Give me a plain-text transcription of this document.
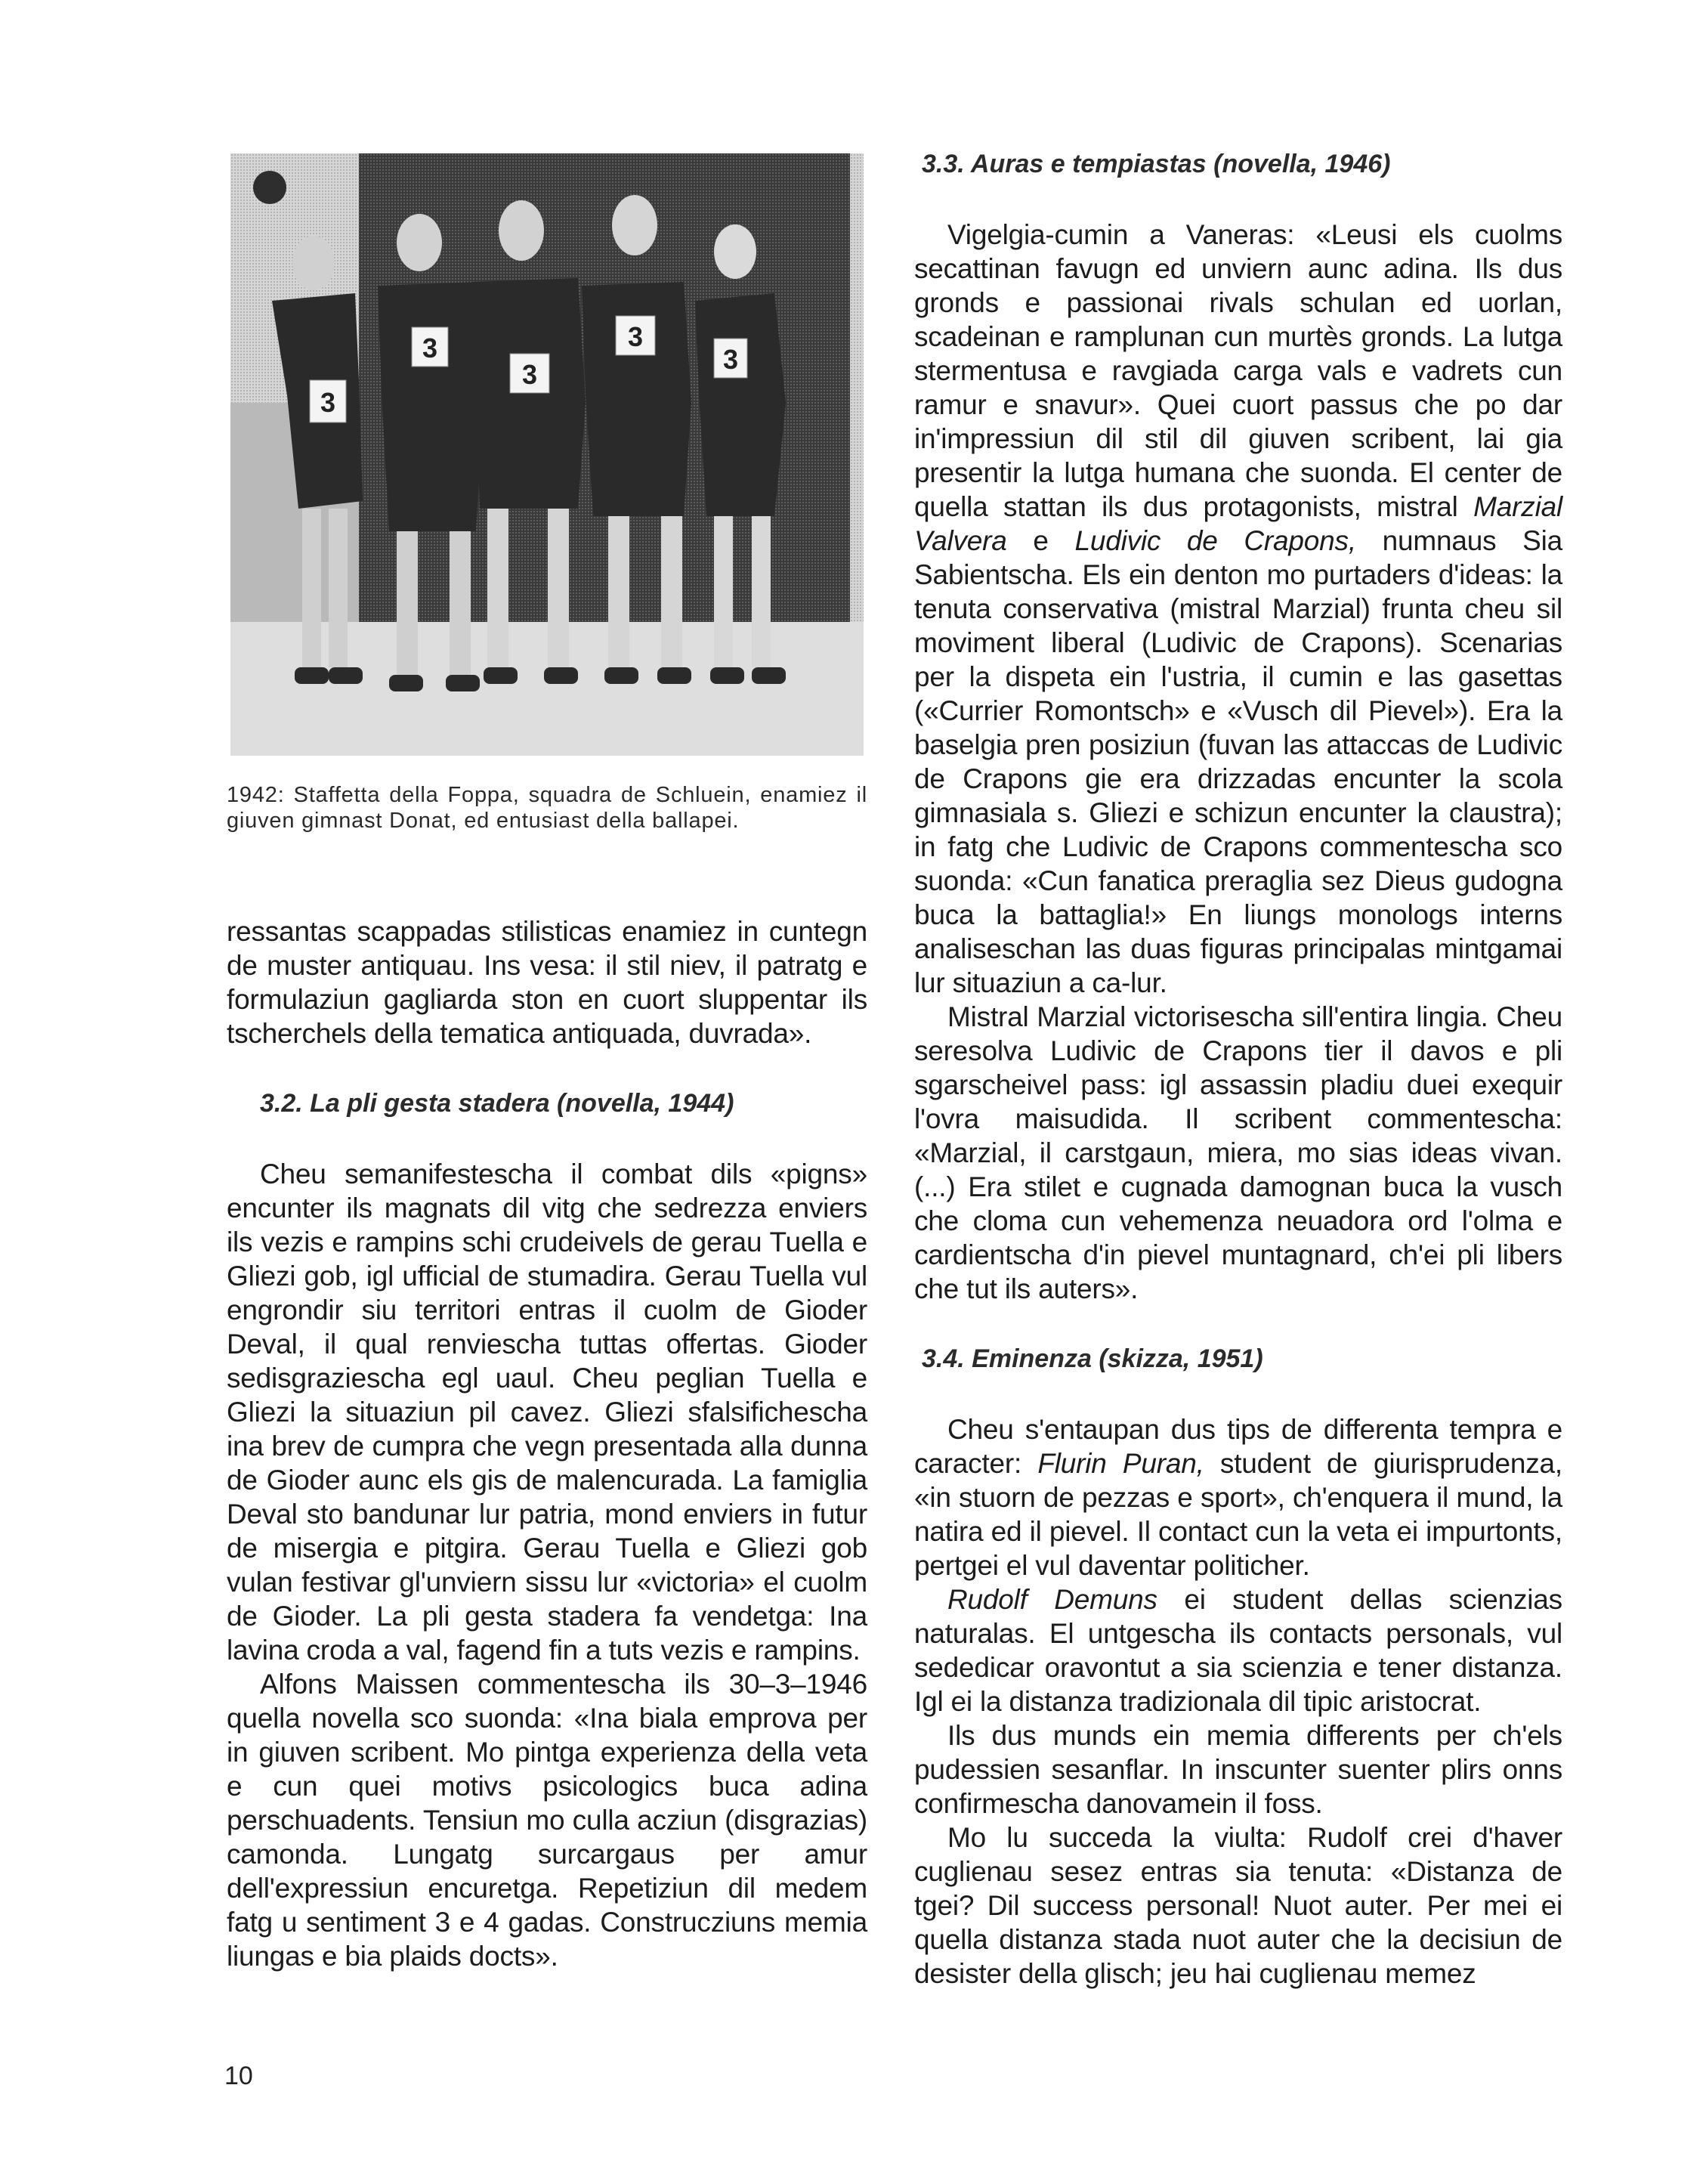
3
3
3
3
3
1942: Staffetta della Foppa, squadra de Schluein, enamiez il giuven gimnast Donat, ed entusiast della ballapei.

ressantas scappadas stilisticas enamiez in cuntegn de muster antiquau. Ins vesa: il stil niev, il patratg e formulaziun gagliarda ston en cuort sluppentar ils tscherchels della tematica antiquada, duvrada».

3.2. La pli gesta stadera (novella, 1944)

Cheu semanifestescha il combat dils «pigns» encunter ils magnats dil vitg che sedrezza enviers ils vezis e rampins schi crudeivels de gerau Tuella e Gliezi gob, igl ufficial de stumadira. Gerau Tuella vul engrondir siu territori entras il cuolm de Gioder Deval, il qual renviescha tuttas offertas. Gioder sedisgraziescha egl uaul. Cheu peglian Tuella e Gliezi la situaziun pil cavez. Gliezi sfalsifichescha ina brev de cumpra che vegn presentada alla dunna de Gioder aunc els gis de malencurada. La famiglia Deval sto bandunar lur patria, mond enviers in futur de misergia e pitgira. Gerau Tuella e Gliezi gob vulan festivar gl'unviern sissu lur «victoria» el cuolm de Gioder. La pli gesta stadera fa vendetga: Ina lavina croda a val, fagend fin a tuts vezis e rampins.

Alfons Maissen commentescha ils 30–3–1946 quella novella sco suonda: «Ina biala emprova per in giuven scribent. Mo pintga experienza della veta e cun quei motivs psicologics buca adina perschuadents. Tensiun mo culla acziun (disgrazias) camonda. Lungatg surcargaus per amur dell'expressiun encuretga. Repetiziun dil medem fatg u sentiment 3 e 4 gadas. Construcziuns memia liungas e bia plaids docts».

3.3. Auras e tempiastas (novella, 1946)

Vigelgia-cumin a Vaneras: «Leusi els cuolms secattinan favugn ed unviern aunc adina. Ils dus gronds e passionai rivals schulan ed uorlan, scadeinan e ramplunan cun murtès gronds. La lutga stermentusa e ravgiada carga vals e vadrets cun ramur e snavur». Quei cuort passus che po dar in'impressiun dil stil dil giuven scribent, lai gia presentir la lutga humana che suonda. El center de quella stattan ils dus protagonists, mistral Marzial Valvera e Ludivic de Crapons, numnaus Sia Sabientscha. Els ein denton mo purtaders d'ideas: la tenuta conservativa (mistral Marzial) frunta cheu sil moviment liberal (Ludivic de Crapons). Scenarias per la dispeta ein l'ustria, il cumin e las gasettas («Currier Romontsch» e «Vusch dil Pievel»). Era la baselgia pren posiziun (fuvan las attaccas de Ludivic de Crapons gie era drizzadas encunter la scola gimnasiala s. Gliezi e schizun encunter la claustra); in fatg che Ludivic de Crapons commentescha sco suonda: «Cun fanatica preraglia sez Dieus gudogna buca la battaglia!» En liungs monologs interns analiseschan las duas figuras principalas mintgamai lur situaziun a ca-lur.

Mistral Marzial victorisescha sill'entira lingia. Cheu seresolva Ludivic de Crapons tier il davos e pli sgarscheivel pass: igl assassin pladiu duei exequir l'ovra maisudida. Il scribent commentescha: «Marzial, il carstgaun, miera, mo sias ideas vivan. (...) Era stilet e cugnada damognan buca la vusch che cloma cun vehemenza neuadora ord l'olma e cardientscha d'in pievel muntagnard, ch'ei pli libers che tut ils auters».

3.4. Eminenza (skizza, 1951)

Cheu s'entaupan dus tips de differenta tempra e caracter: Flurin Puran, student de giurisprudenza, «in stuorn de pezzas e sport», ch'enquera il mund, la natira ed il pievel. Il contact cun la veta ei impurtonts, pertgei el vul daventar politicher.

Rudolf Demuns ei student dellas scienzias naturalas. El untgescha ils contacts personals, vul sededicar oravontut a sia scienzia e tener distanza. Igl ei la distanza tradizionala dil tipic aristocrat.

Ils dus munds ein memia differents per ch'els pudessien sesanflar. In inscunter suenter plirs onns confirmescha danovamein il foss.

Mo lu succeda la viulta: Rudolf crei d'haver cuglienau sesez entras sia tenuta: «Distanza de tgei? Dil success personal! Nuot auter. Per mei ei quella distanza stada nuot auter che la decisiun de desister della glisch; jeu hai cuglienau memez

10
